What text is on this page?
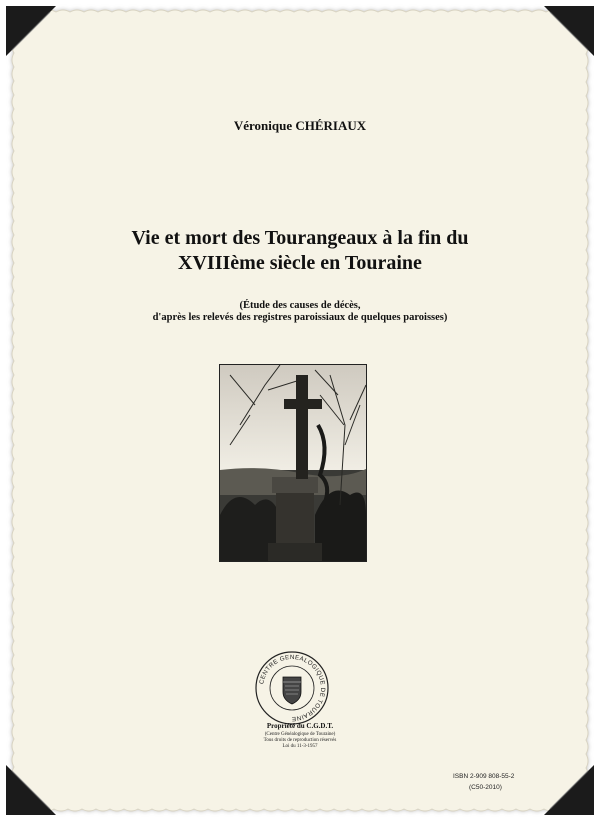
Véronique CHÉRIAUX
Vie et mort des Tourangeaux à la fin du
XVIIIème siècle en Touraine
(Étude des causes de décès,
d'après les relevés des registres paroissiaux de quelques paroisses)
CENTRE GENEALOGIQUE DE TOURAINE
Propriété du C.G.D.T.
(Centre Généalogique de Touraine)
Tous droits de reproduction réservés
Loi du 11-3-1957
ISBN 2-909 808-55-2
(C50-2010)
